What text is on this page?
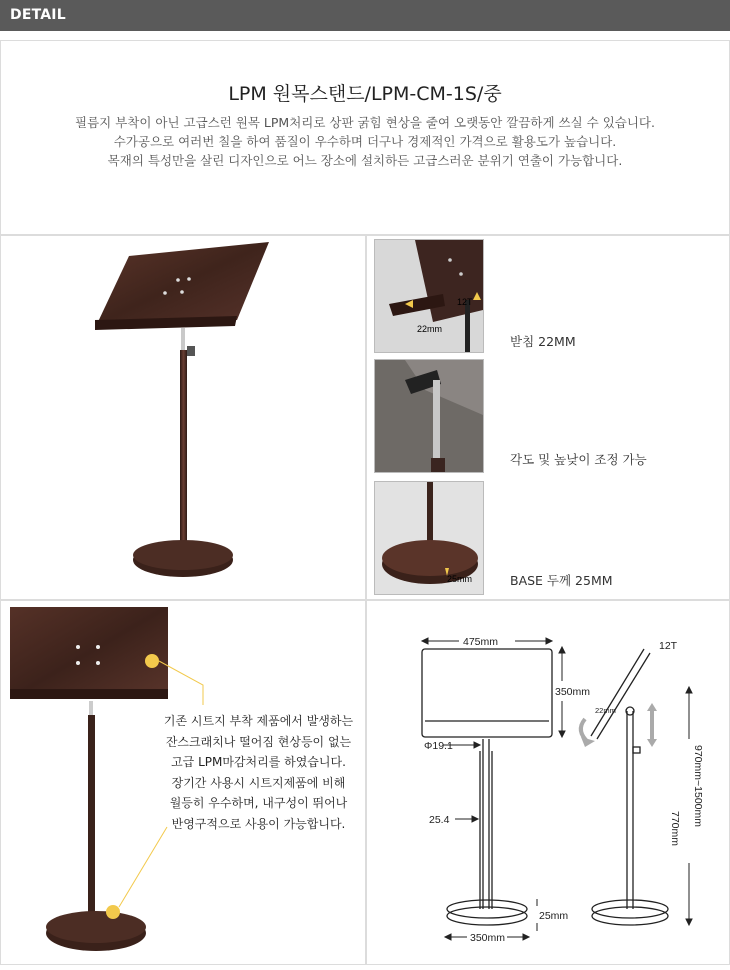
DETAIL
LPM 원목스탠드/LPM-CM-1S/중
필름지 부착이 아닌 고급스런 원목 LPM처리로 상판 굵힘 현상을 줄여 오랫동안 깔끔하게 쓰실 수 있습니다.
수가공으로 여러번 칠을 하여 품질이 우수하며 더구나 경제적인 가격으로 활용도가 높습니다.
목재의 특성만을 살린 디자인으로 어느 장소에 설치하든 고급스러운 분위기 연출이 가능합니다.
12T
22mm
받침 22MM
각도 및 높낮이 조정 가능
25mm	BASE 두께 25MM
기존 시트지 부착 제품에서 발생하는
잔스크래치나 떨어짐 현상등이 없는
고급 LPM마감처리를 하였습니다.
장기간 사용시 시트지제품에 비해
월등히 우수하며, 내구성이 뛰어나
반영구적으로 사용이 가능합니다.
475mm
350mm
12T
22mm
Φ19.1
25.4
25mm
350mm
970mm~1500mm
770mm
